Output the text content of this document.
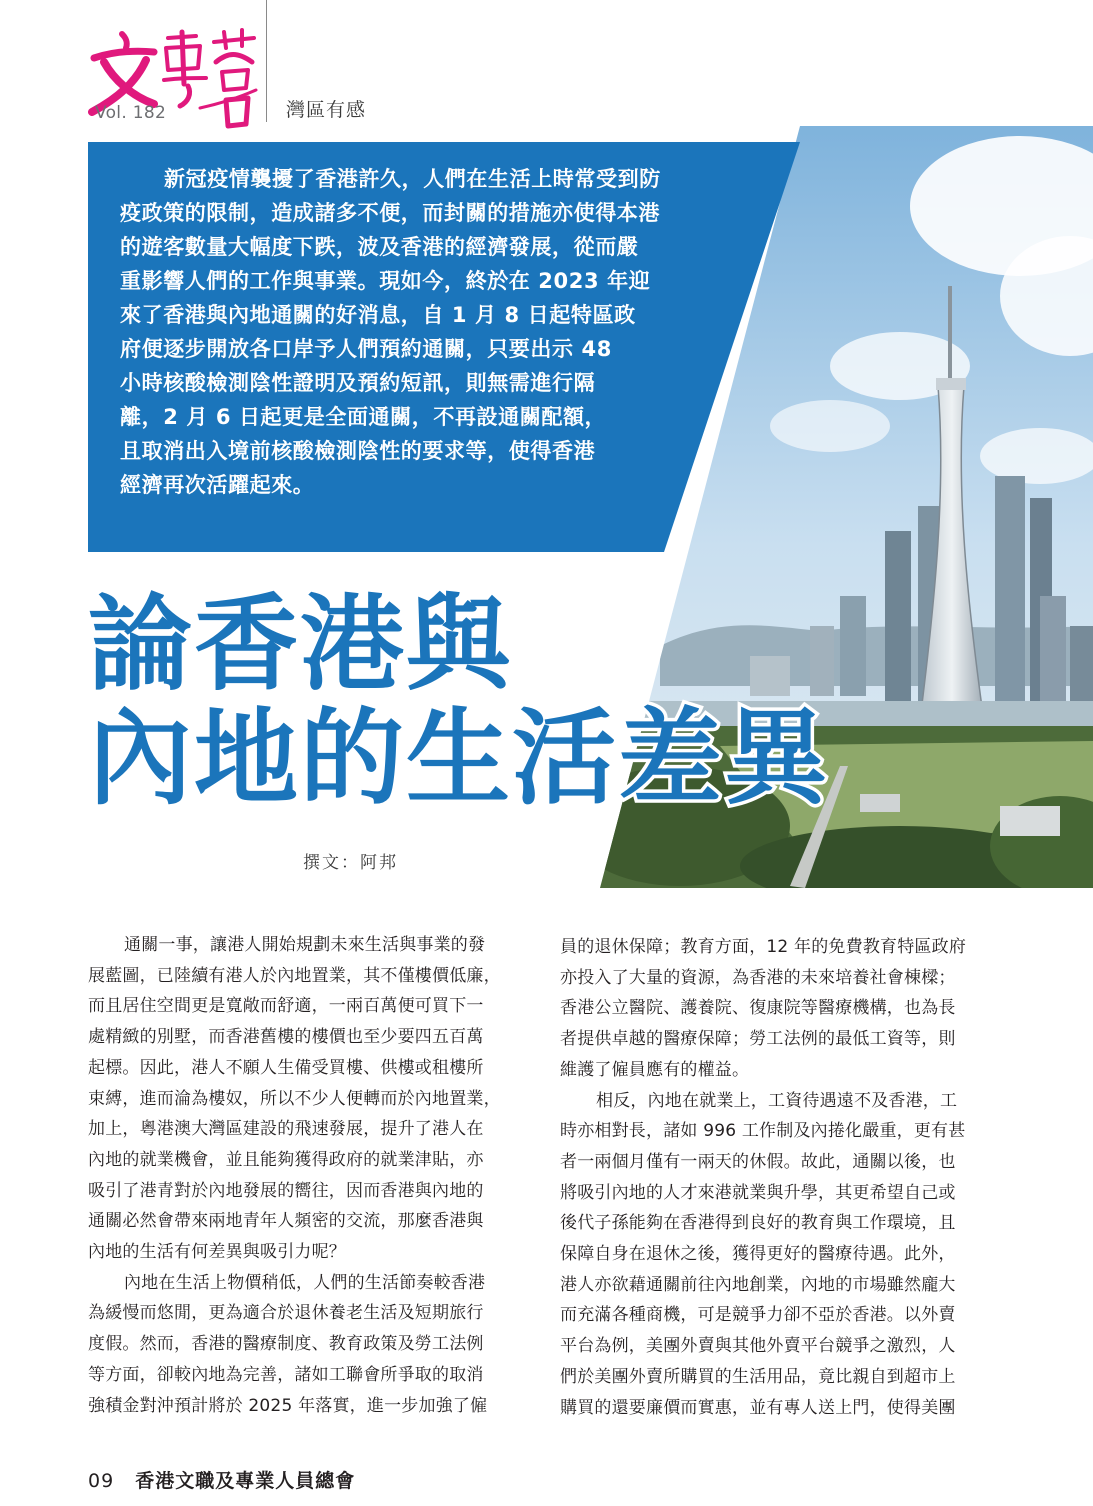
Vol. 182	灣區有感
新冠疫情襲擾了香港許久，人們在生活上時常受到防
疫政策的限制，造成諸多不便，而封關的措施亦使得本港
的遊客數量大幅度下跌，波及香港的經濟發展，從而嚴
重影響人們的工作與事業。現如今，終於在 2023 年迎
來了香港與內地通關的好消息，自 1 月 8 日起特區政
府便逐步開放各口岸予人們預約通關，只要出示 48
小時核酸檢測陰性證明及預約短訊，則無需進行隔
離，2 月 6 日起更是全面通關，不再設通關配額，
且取消出入境前核酸檢測陰性的要求等，使得香港
經濟再次活躍起來。
論香港與
內地的生活差異
撰文：阿邦
通關一事，讓港人開始規劃未來生活與事業的發
展藍圖，已陸續有港人於內地置業，其不僅樓價低廉，
而且居住空間更是寬敞而舒適，一兩百萬便可買下一
處精緻的別墅，而香港舊樓的樓價也至少要四五百萬
起標。因此，港人不願人生備受買樓、供樓或租樓所
束縛，進而淪為樓奴，所以不少人便轉而於內地置業，
加上，粵港澳大灣區建設的飛速發展，提升了港人在
內地的就業機會，並且能夠獲得政府的就業津貼，亦
吸引了港青對於內地發展的嚮往，因而香港與內地的
通關必然會帶來兩地青年人頻密的交流，那麼香港與
內地的生活有何差異與吸引力呢？
內地在生活上物價稍低，人們的生活節奏較香港
為緩慢而悠閒，更為適合於退休養老生活及短期旅行
度假。然而，香港的醫療制度、教育政策及勞工法例
等方面，卻較內地為完善，諸如工聯會所爭取的取消
強積金對沖預計將於 2025 年落實，進一步加強了僱
員的退休保障；教育方面，12 年的免費教育特區政府
亦投入了大量的資源，為香港的未來培養社會棟樑；
香港公立醫院、護養院、復康院等醫療機構，也為長
者提供卓越的醫療保障；勞工法例的最低工資等，則
維護了僱員應有的權益。
相反，內地在就業上，工資待遇遠不及香港，工
時亦相對長，諸如 996 工作制及內捲化嚴重，更有甚
者一兩個月僅有一兩天的休假。故此，通關以後，也
將吸引內地的人才來港就業與升學，其更希望自己或
後代子孫能夠在香港得到良好的教育與工作環境，且
保障自身在退休之後，獲得更好的醫療待遇。此外，
港人亦欲藉通關前往內地創業，內地的市場雖然龐大
而充滿各種商機，可是競爭力卻不亞於香港。以外賣
平台為例，美團外賣與其他外賣平台競爭之激烈，人
們於美團外賣所購買的生活用品，竟比親自到超市上
購買的還要廉價而實惠，並有專人送上門，使得美團
09 香港文職及專業人員總會
